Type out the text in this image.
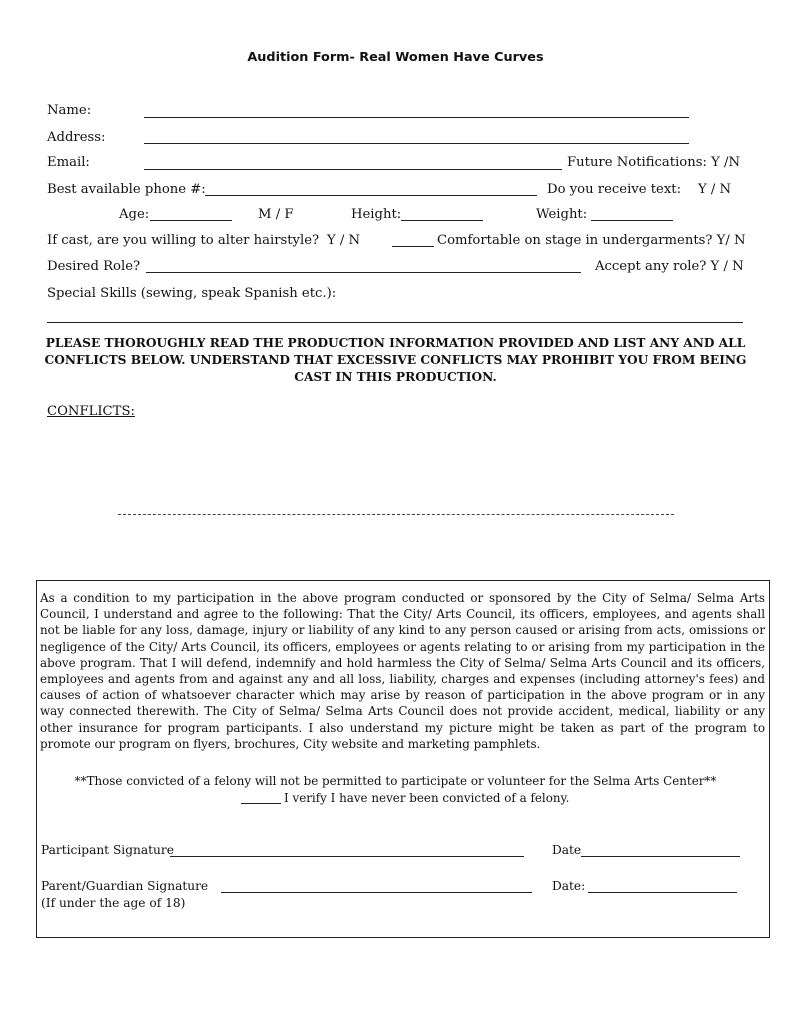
Audition Form- Real Women Have Curves
Name:
Address:
Email:	Future Notifications: Y /N
Best available phone #:	Do you receive text: Y / N
Age:	M / F	Height:	Weight:
If cast, are you willing to alter hairstyle? Y / N	Comfortable on stage in undergarments? Y/ N
Desired Role?	Accept any role? Y / N
Special Skills (sewing, speak Spanish etc.):
PLEASE THOROUGHLY READ THE PRODUCTION INFORMATION PROVIDED AND LIST ANY AND ALL CONFLICTS BELOW. UNDERSTAND THAT EXCESSIVE CONFLICTS MAY PROHIBIT YOU FROM BEING CAST IN THIS PRODUCTION.
CONFLICTS:
As a condition to my participation in the above program conducted or sponsored by the City of Selma/ Selma Arts Council, I understand and agree to the following: That the City/ Arts Council, its officers, employees, and agents shall not be liable for any loss, damage, injury or liability of any kind to any person caused or arising from acts, omissions or negligence of the City/ Arts Council, its officers, employees or agents relating to or arising from my participation in the above program. That I will defend, indemnify and hold harmless the City of Selma/ Selma Arts Council and its officers, employees and agents from and against any and all loss, liability, charges and expenses (including attorney's fees) and causes of action of whatsoever character which may arise by reason of participation in the above program or in any way connected therewith. The City of Selma/ Selma Arts Council does not provide accident, medical, liability or any other insurance for program participants. I also understand my picture might be taken as part of the program to promote our program on flyers, brochures, City website and marketing pamphlets.
**Those convicted of a felony will not be permitted to participate or volunteer for the Selma Arts Center**
I verify I have never been convicted of a felony.
Participant Signature	Date
Parent/Guardian Signature	Date:
(If under the age of 18)
